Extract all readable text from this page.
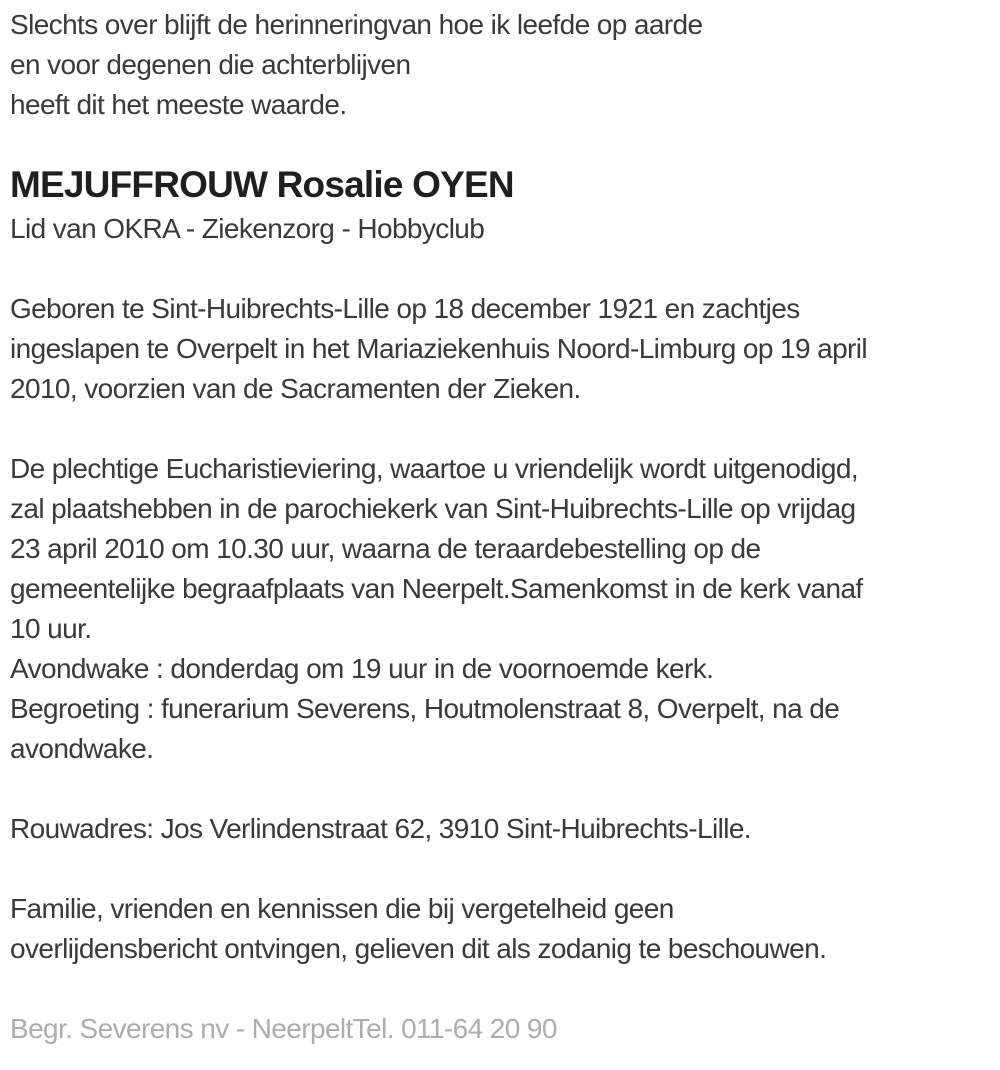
Slechts over blijft de herinneringvan hoe ik leefde op aarde
en voor degenen die achterblijven
heeft dit het meeste waarde.
MEJUFFROUW Rosalie OYEN
Lid van OKRA - Ziekenzorg - Hobbyclub
Geboren te Sint-Huibrechts-Lille op 18 december 1921 en zachtjes
ingeslapen te Overpelt in het Mariaziekenhuis Noord-Limburg op 19 april
2010, voorzien van de Sacramenten der Zieken.
De plechtige Eucharistieviering, waartoe u vriendelijk wordt uitgenodigd,
zal plaatshebben in de parochiekerk van Sint-Huibrechts-Lille op vrijdag
23 april 2010 om 10.30 uur, waarna de teraardebestelling op de
gemeentelijke begraafplaats van Neerpelt.Samenkomst in de kerk vanaf
10 uur.
Avondwake : donderdag om 19 uur in de voornoemde kerk.
Begroeting : funerarium Severens, Houtmolenstraat 8, Overpelt, na de
avondwake.
Rouwadres: Jos Verlindenstraat 62, 3910 Sint-Huibrechts-Lille.
Familie, vrienden en kennissen die bij vergetelheid geen
overlijdensbericht ontvingen, gelieven dit als zodanig te beschouwen.
Begr. Severens nv - NeerpeltTel. 011-64 20 90
